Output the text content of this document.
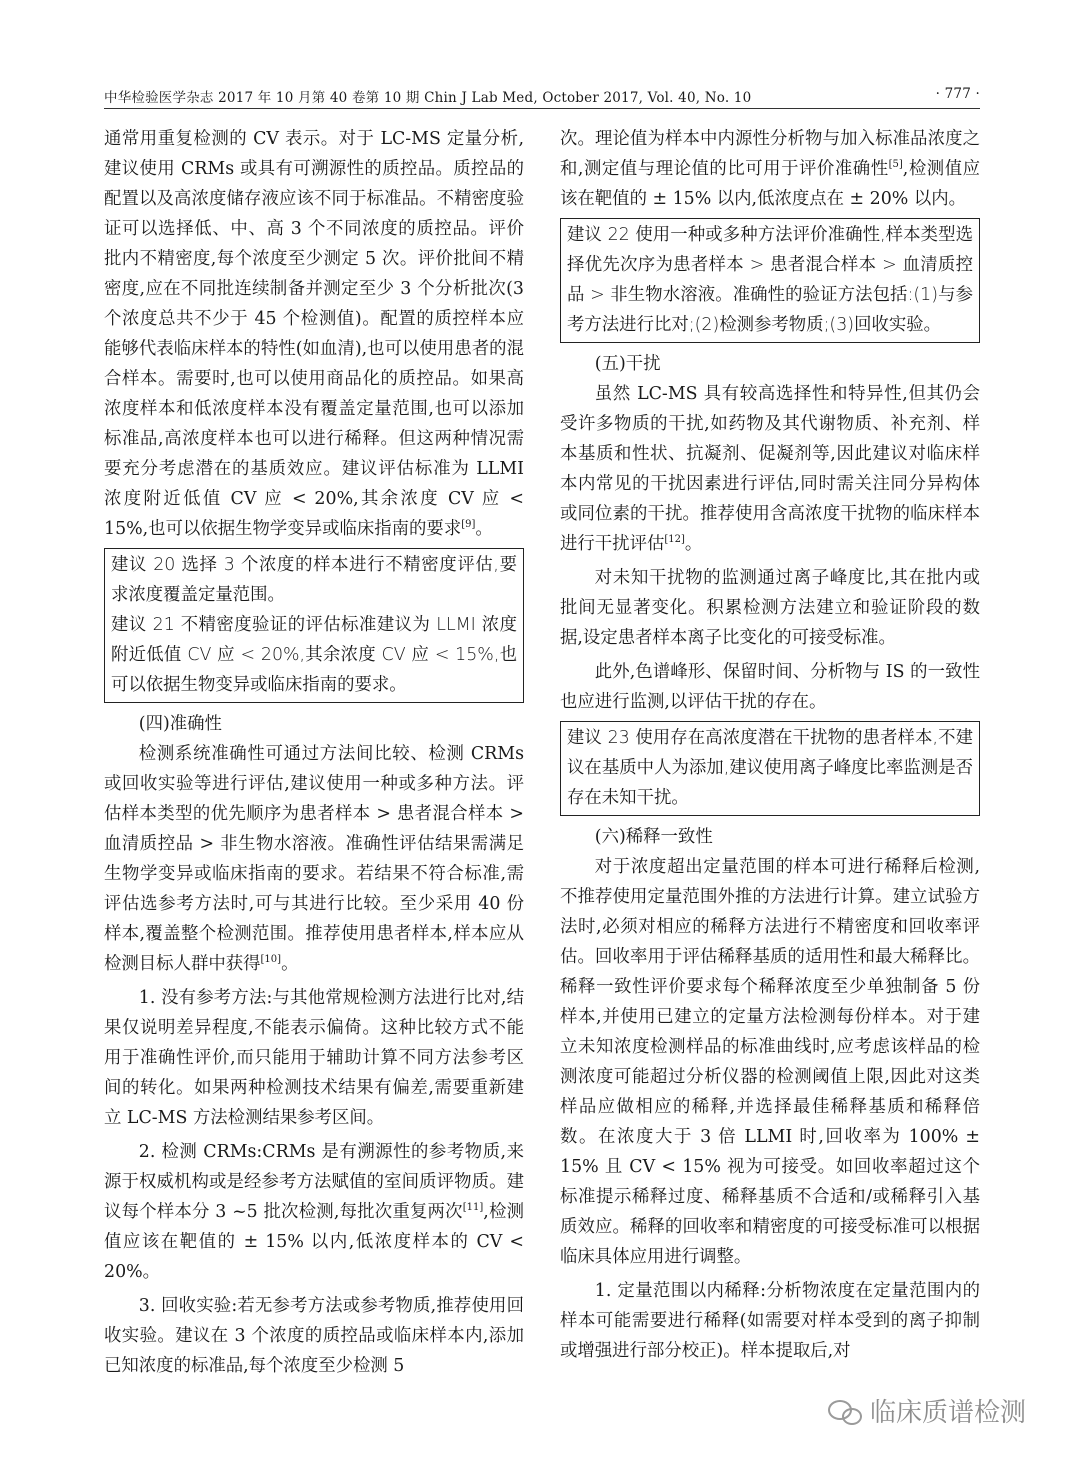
中华检验医学杂志 2017 年 10 月第 40 卷第 10 期 Chin J Lab Med, October 2017, Vol. 40, No. 10	· 777 ·

通常用重复检测的 CV 表示。对于 LC-MS 定量分析,建议使用 CRMs 或具有可溯源性的质控品。质控品的配置以及高浓度储存液应该不同于标准品。不精密度验证可以选择低、中、高 3 个不同浓度的质控品。评价批内不精密度,每个浓度至少测定 5 次。评价批间不精密度,应在不同批连续制备并测定至少 3 个分析批次(3 个浓度总共不少于 45 个检测值)。配置的质控样本应能够代表临床样本的特性(如血清),也可以使用患者的混合样本。需要时,也可以使用商品化的质控品。如果高浓度样本和低浓度样本没有覆盖定量范围,也可以添加标准品,高浓度样本也可以进行稀释。但这两种情况需要充分考虑潜在的基质效应。建议评估标准为 LLMI 浓度附近低值 CV 应 < 20%,其余浓度 CV 应 < 15%,也可以依据生物学变异或临床指南的要求[9]。

建议 20 选择 3 个浓度的样本进行不精密度评估,要求浓度覆盖定量范围。

建议 21 不精密度验证的评估标准建议为 LLMI 浓度附近低值 CV 应 < 20%,其余浓度 CV 应 < 15%,也可以依据生物变异或临床指南的要求。

(四)准确性

检测系统准确性可通过方法间比较、检测 CRMs 或回收实验等进行评估,建议使用一种或多种方法。评估样本类型的优先顺序为患者样本 > 患者混合样本 > 血清质控品 > 非生物水溶液。准确性评估结果需满足生物学变异或临床指南的要求。若结果不符合标准,需评估选参考方法时,可与其进行比较。至少采用 40 份样本,覆盖整个检测范围。推荐使用患者样本,样本应从检测目标人群中获得[10]。

1. 没有参考方法:与其他常规检测方法进行比对,结果仅说明差异程度,不能表示偏倚。这种比较方式不能用于准确性评价,而只能用于辅助计算不同方法参考区间的转化。如果两种检测技术结果有偏差,需要重新建立 LC-MS 方法检测结果参考区间。

2. 检测 CRMs:CRMs 是有溯源性的参考物质,来源于权威机构或是经参考方法赋值的室间质评物质。建议每个样本分 3 ~5 批次检测,每批次重复两次[11],检测值应该在靶值的 ± 15% 以内,低浓度样本的 CV < 20%。

3. 回收实验:若无参考方法或参考物质,推荐使用回收实验。建议在 3 个浓度的质控品或临床样本内,添加已知浓度的标准品,每个浓度至少检测 5

次。理论值为样本中内源性分析物与加入标准品浓度之和,测定值与理论值的比可用于评价准确性[5],检测值应该在靶值的 ± 15% 以内,低浓度点在 ± 20% 以内。

建议 22 使用一种或多种方法评价准确性,样本类型选择优先次序为患者样本 > 患者混合样本 > 血清质控品 > 非生物水溶液。准确性的验证方法包括:(1)与参考方法进行比对;(2)检测参考物质;(3)回收实验。

(五)干扰

虽然 LC-MS 具有较高选择性和特异性,但其仍会受许多物质的干扰,如药物及其代谢物质、补充剂、样本基质和性状、抗凝剂、促凝剂等,因此建议对临床样本内常见的干扰因素进行评估,同时需关注同分异构体或同位素的干扰。推荐使用含高浓度干扰物的临床样本进行干扰评估[12]。

对未知干扰物的监测通过离子峰度比,其在批内或批间无显著变化。积累检测方法建立和验证阶段的数据,设定患者样本离子比变化的可接受标准。

此外,色谱峰形、保留时间、分析物与 IS 的一致性也应进行监测,以评估干扰的存在。

建议 23 使用存在高浓度潜在干扰物的患者样本,不建议在基质中人为添加,建议使用离子峰度比率监测是否存在未知干扰。

(六)稀释一致性

对于浓度超出定量范围的样本可进行稀释后检测,不推荐使用定量范围外推的方法进行计算。建立试验方法时,必须对相应的稀释方法进行不精密度和回收率评估。回收率用于评估稀释基质的适用性和最大稀释比。稀释一致性评价要求每个稀释浓度至少单独制备 5 份样本,并使用已建立的定量方法检测每份样本。对于建立未知浓度检测样品的标准曲线时,应考虑该样品的检测浓度可能超过分析仪器的检测阈值上限,因此对这类样品应做相应的稀释,并选择最佳稀释基质和稀释倍数。在浓度大于 3 倍 LLMI 时,回收率为 100% ± 15% 且 CV < 15% 视为可接受。如回收率超过这个标准提示稀释过度、稀释基质不合适和/或稀释引入基质效应。稀释的回收率和精密度的可接受标准可以根据临床具体应用进行调整。

1. 定量范围以内稀释:分析物浓度在定量范围内的样本可能需要进行稀释(如需要对样本受到的离子抑制或增强进行部分校正)。样本提取后,对

临床质谱检测
